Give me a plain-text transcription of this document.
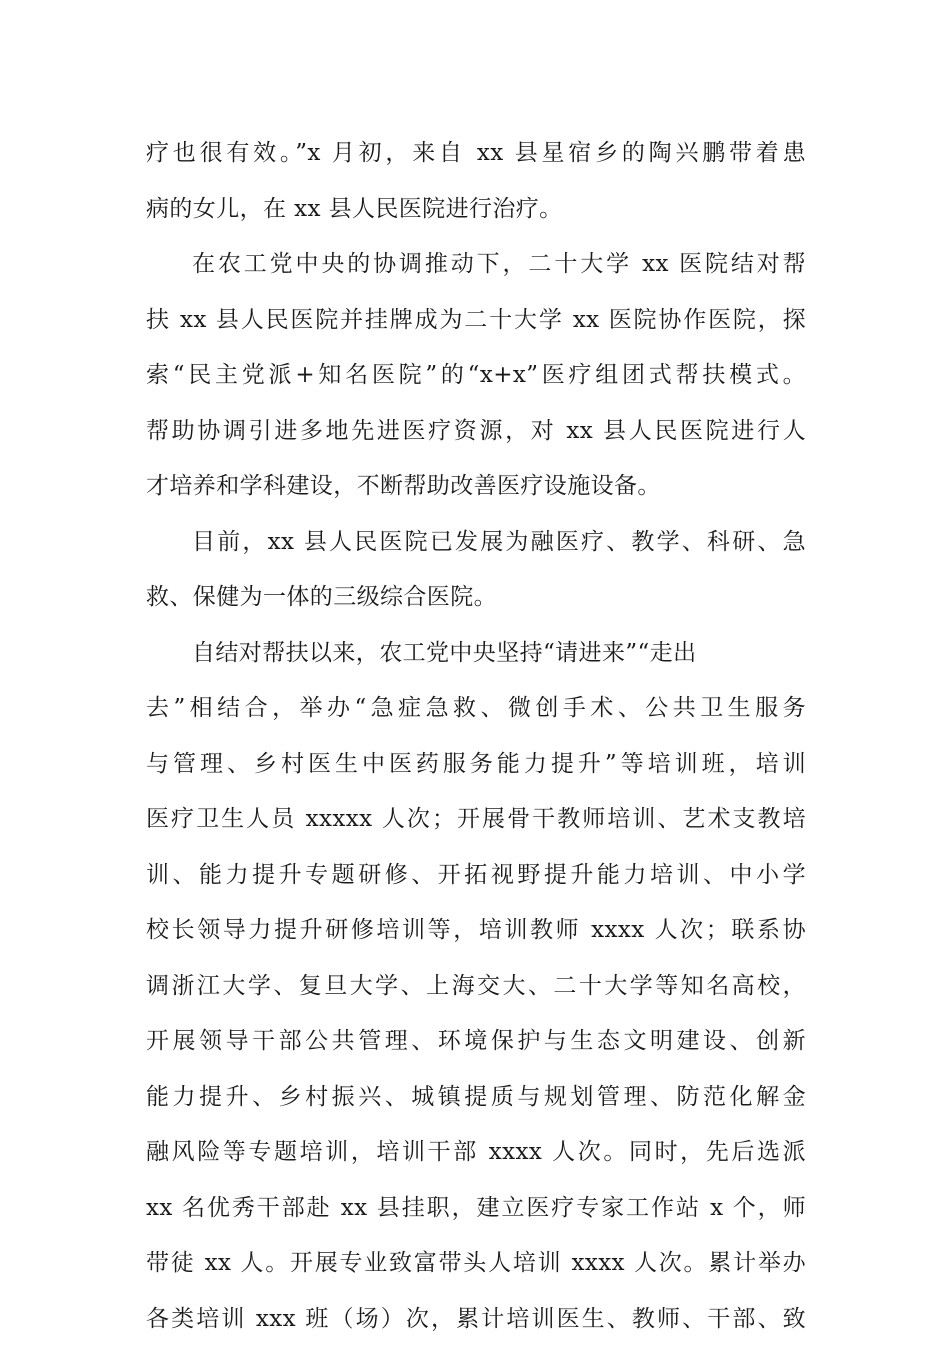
疗也很有效。”x 月初，来自 xx 县星宿乡的陶兴鹏带着患
病的女儿，在 xx 县人民医院进行治疗。
在农工党中央的协调推动下，二十大学 xx 医院结对帮
扶 xx 县人民医院并挂牌成为二十大学 xx 医院协作医院，探
索“民主党派+知名医院”的“x+x”医疗组团式帮扶模式。
帮助协调引进多地先进医疗资源，对 xx 县人民医院进行人
才培养和学科建设，不断帮助改善医疗设施设备。
目前，xx 县人民医院已发展为融医疗、教学、科研、急
救、保健为一体的三级综合医院。
自结对帮扶以来，农工党中央坚持“请进来”“走出
去”相结合，举办“急症急救、微创手术、公共卫生服务
与管理、乡村医生中医药服务能力提升”等培训班，培训
医疗卫生人员 xxxxx 人次；开展骨干教师培训、艺术支教培
训、能力提升专题研修、开拓视野提升能力培训、中小学
校长领导力提升研修培训等，培训教师 xxxx 人次；联系协
调浙江大学、复旦大学、上海交大、二十大学等知名高校，
开展领导干部公共管理、环境保护与生态文明建设、创新
能力提升、乡村振兴、城镇提质与规划管理、防范化解金
融风险等专题培训，培训干部 xxxx 人次。同时，先后选派
xx 名优秀干部赴 xx 县挂职，建立医疗专家工作站 x 个，师
带徒 xx 人。开展专业致富带头人培训 xxxx 人次。累计举办
各类培训 xxx 班（场）次，累计培训医生、教师、干部、致
